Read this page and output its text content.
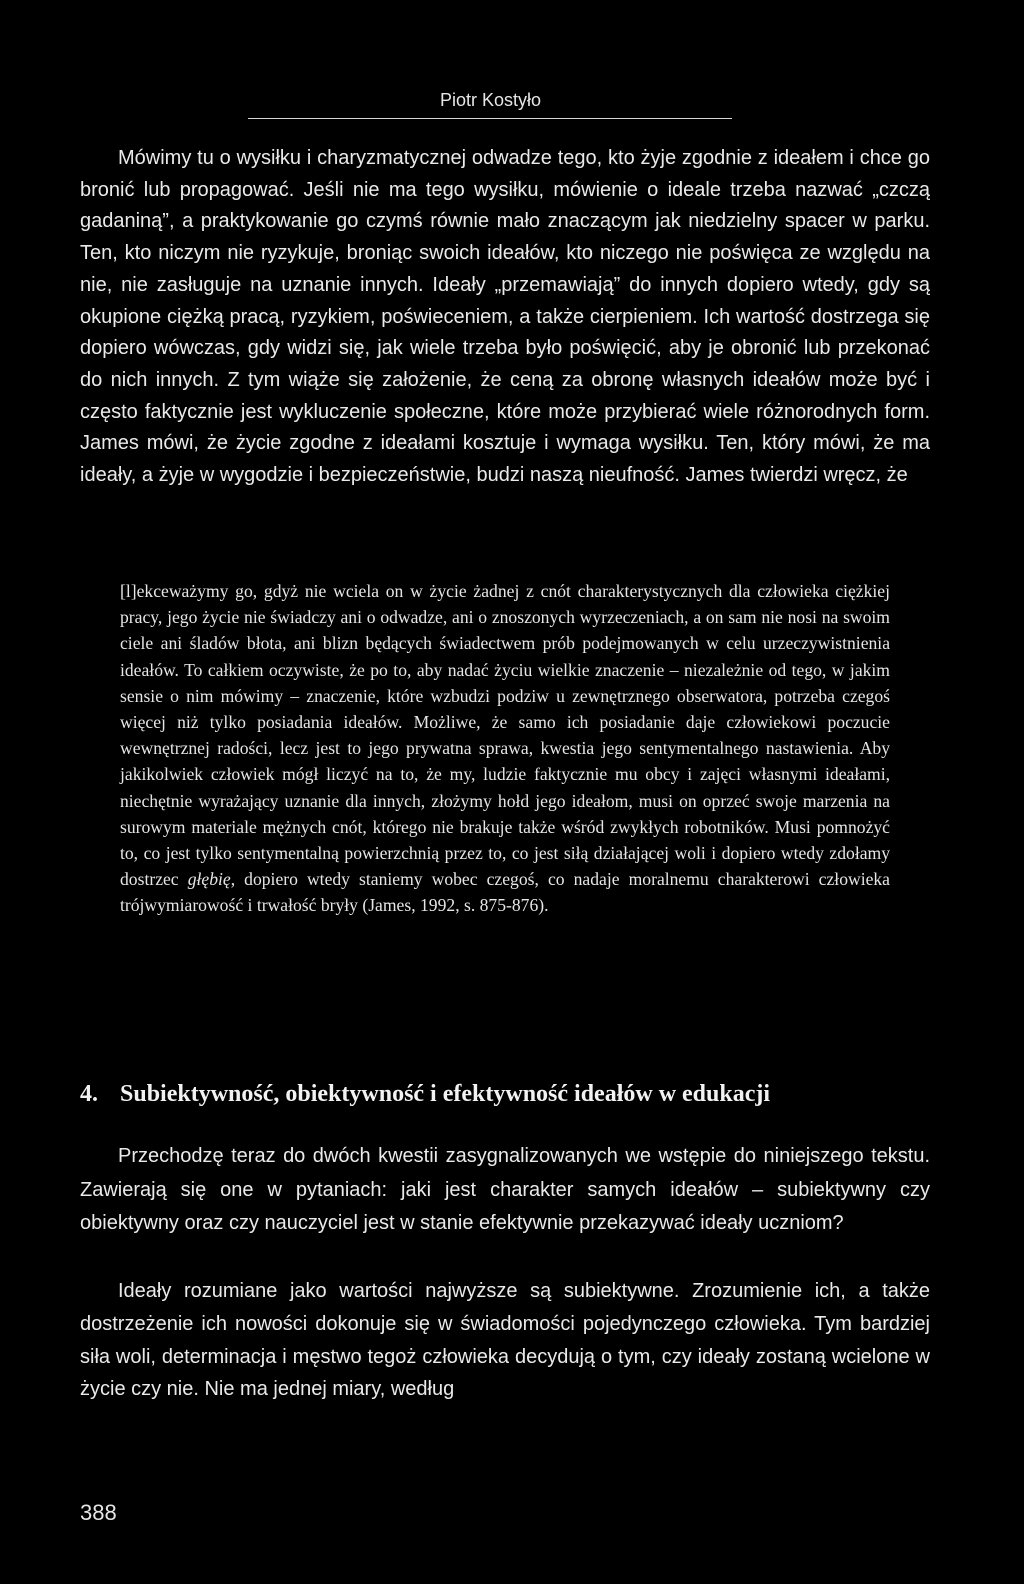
Piotr Kostyło

Mówimy tu o wysiłku i charyzmatycznej odwadze tego, kto żyje zgodnie z ideałem i chce go bronić lub propagować. Jeśli nie ma tego wysiłku, mówienie o ideale trzeba nazwać „czczą gadaniną”, a praktykowanie go czymś równie mało znaczącym jak niedzielny spacer w parku. Ten, kto niczym nie ryzykuje, broniąc swoich ideałów, kto niczego nie poświęca ze względu na nie, nie zasługuje na uznanie innych. Ideały „przemawiają” do innych dopiero wtedy, gdy są okupione ciężką pracą, ryzykiem, poświeceniem, a także cierpieniem. Ich wartość dostrzega się dopiero wówczas, gdy widzi się, jak wiele trzeba było poświęcić, aby je obronić lub przekonać do nich innych. Z tym wiąże się założenie, że ceną za obronę własnych ideałów może być i często faktycznie jest wykluczenie społeczne, które może przybierać wiele różnorodnych form. James mówi, że życie zgodne z ideałami kosztuje i wymaga wysiłku. Ten, który mówi, że ma ideały, a żyje w wygodzie i bezpieczeństwie, budzi naszą nieufność. James twierdzi wręcz, że

[l]ekceważymy go, gdyż nie wciela on w życie żadnej z cnót charakterystycznych dla człowieka ciężkiej pracy, jego życie nie świadczy ani o odwadze, ani o znoszonych wyrzeczeniach, a on sam nie nosi na swoim ciele ani śladów błota, ani blizn będących świadectwem prób podejmowanych w celu urzeczywistnienia ideałów. To całkiem oczywiste, że po to, aby nadać życiu wielkie znaczenie – niezależnie od tego, w jakim sensie o nim mówimy – znaczenie, które wzbudzi podziw u zewnętrznego obserwatora, potrzeba czegoś więcej niż tylko posiadania ideałów. Możliwe, że samo ich posiadanie daje człowiekowi poczucie wewnętrznej radości, lecz jest to jego prywatna sprawa, kwestia jego sentymentalnego nastawienia. Aby jakikolwiek człowiek mógł liczyć na to, że my, ludzie faktycznie mu obcy i zajęci własnymi ideałami, niechętnie wyrażający uznanie dla innych, złożymy hołd jego ideałom, musi on oprzeć swoje marzenia na surowym materiale mężnych cnót, którego nie brakuje także wśród zwykłych robotników. Musi pomnożyć to, co jest tylko sentymentalną powierzchnią przez to, co jest siłą działającej woli i dopiero wtedy zdołamy dostrzec głębię, dopiero wtedy staniemy wobec czegoś, co nadaje moralnemu charakterowi człowieka trójwymiarowość i trwałość bryły (James, 1992, s. 875-876).

4. Subiektywność, obiektywność i efektywność ideałów w edukacji

Przechodzę teraz do dwóch kwestii zasygnalizowanych we wstępie do niniejszego tekstu. Zawierają się one w pytaniach: jaki jest charakter samych ideałów – subiektywny czy obiektywny oraz czy nauczyciel jest w stanie efektywnie przekazywać ideały uczniom?

Ideały rozumiane jako wartości najwyższe są subiektywne. Zrozumienie ich, a także dostrzeżenie ich nowości dokonuje się w świadomości pojedynczego człowieka. Tym bardziej siła woli, determinacja i męstwo tegoż człowieka decydują o tym, czy ideały zostaną wcielone w życie czy nie. Nie ma jednej miary, według

388
